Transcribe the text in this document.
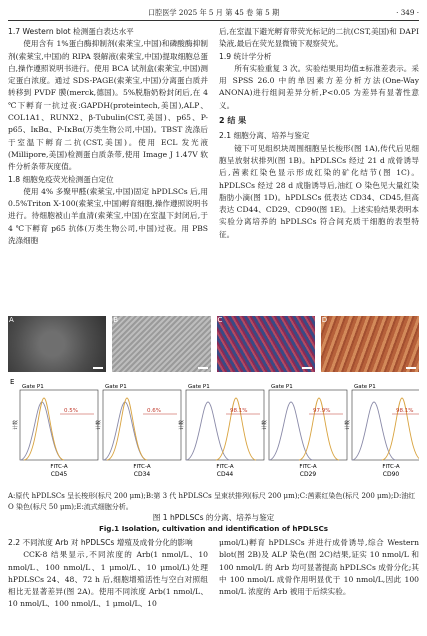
口腔医学 2025 年 5 月 第 45 卷 第 5 期	· 349 ·
1.7 Western blot 检测蛋白表达水平

使用含有 1%蛋白酶抑制剂(索莱宝,中国)和磷酸酶抑制剂(索莱宝,中国)的 RIPA 裂解液(索莱宝,中国)提取细胞总蛋白,操作遵照说明书进行。使用 BCA 试剂盒(索莱宝,中国)测定蛋白浓度。通过 SDS-PAGE(索莱宝,中国)分离蛋白质并转移到 PVDF 膜(merck,德国)。5%脱脂奶粉封闭后,在 4 ℃下孵育一抗过夜:GAPDH(proteintech,美国),ALP、COL1A1、RUNX2、β-Tubulin(CST,美国)、p65、P-p65、IκBα、P-IκBα(万类生物公司,中国)。TBST 洗涤后于室温下孵育二抗(CST,美国)。使用 ECL 发光液(Millipore,美国)检测蛋白质条带,使用 Image J 1.47V 软件分析条带灰度值。

1.8 细胞免疫荧光检测蛋白定位

使用 4% 多聚甲醛(索莱宝,中国)固定 hPDLSCs 后,用 0.5%Triton X-100(索莱宝,中国)孵育细胞,操作遵照说明书进行。待细胞被山羊血清(索莱宝,中国)在室温下封闭后,于 4 ℃下孵育 p65 抗体(万类生物公司,中国)过夜。用 PBS 洗涤细胞

后,在室温下避光孵育带荧光标记的二抗(CST,美国)和 DAPI 染液,最后在荧光显微镜下观察荧光。

1.9 统计学分析

所有实验重复 3 次。实验结果用均值±标准差表示。采用 SPSS 26.0 中的单因素方差分析方法(One-Way ANONA)进行组间差异分析,P<0.05 为差异有显著性意义。

2 结 果
2.1 细胞分离、培养与鉴定

镜下可见组织块周围细胞呈长梭形(图 1A),传代后见细胞呈放射状排列(图 1B)。hPDLSCs 经过 21 d 成骨诱导后,茜素红染色显示形成红染的矿化结节(图 1C)。hPDLSCs 经过 28 d 成脂诱导后,油红 O 染色见大量红染脂肪小滴(图 1D)。hPDLSCs 低表达 CD34、CD45,但高表达 CD44、CD29、CD90(图 1E)。上述实验结果表明本实验分离培养的 hPDLSCs 符合间充质干细胞的表型特征。

A	B	C	D
E
Gate P1
计数
0.5%
FITC-A
CD45
Gate P1
计数
0.6%
FITC-A
CD34
Gate P1
计数
98.1%
FITC-A
CD44
Gate P1
计数
97.9%
FITC-A
CD29
Gate P1
计数
98.1%
FITC-A
CD90
A:原代 hPDLSCs 呈长梭形(标尺 200 μm);B:第 3 代 hPDLSCs 呈束状排列(标尺 200 μm);C:茜素红染色(标尺 200 μm);D:油红 O 染色(标尺 50 μm);E:流式细胞分析。
图 1 hPDLSCs 的分离、培养与鉴定
Fig.1 Isolation, cultivation and identification of hPDLSCs
2.2 不同浓度 Arb 对 hPDLSCs 增殖及成骨分化的影响

CCK-8 结果显示,不同浓度的 Arb(1 nmol/L、10 nmol/L、100 nmol/L、1 μmol/L、10 μmol/L)处理 hPDLSCs 24、48、72 h 后,细胞增殖活性与空白对照组相比无显著差异(图 2A)。使用不同浓度 Arb(1 nmol/L、10 nmol/L、100 nmol/L、1 μmol/L、10

μmol/L)孵育 hPDLSCs 并进行成骨诱导,综合 Western blot(图 2B)及 ALP 染色(图 2C)结果,证实 10 nmol/L 和 100 nmol/L 的 Arb 均可显著提高 hPDLSCs 成骨分化;其中 100 nmol/L 成骨作用明显优于 10 nmol/L,因此 100 nmol/L 浓度的 Arb 被用于后续实验。
